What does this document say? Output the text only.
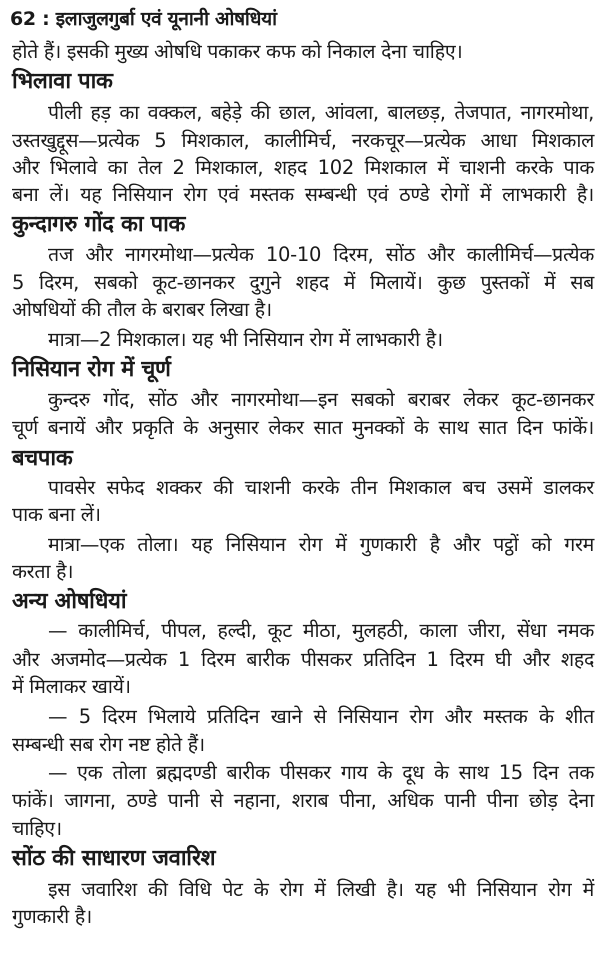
62 : इलाजुलगुर्बा एवं यूनानी ओषधियां
होते हैं। इसकी मुख्य ओषधि पकाकर कफ को निकाल देना चाहिए।
भिलावा पाक
पीली हड़ का वक्कल, बहेड़े की छाल, आंवला, बालछड़, तेजपात, नागरमोथा,
उस्तखुद्दूस—प्रत्येक 5 मिशकाल, कालीमिर्च, नरकचूर—प्रत्येक आधा मिशकाल
और भिलावे का तेल 2 मिशकाल, शहद 102 मिशकाल में चाशनी करके पाक
बना लें। यह निसियान रोग एवं मस्तक सम्बन्धी एवं ठण्डे रोगों में लाभकारी है।
कुन्दागरु गोंद का पाक
तज और नागरमोथा—प्रत्येक 10-10 दिरम, सोंठ और कालीमिर्च—प्रत्येक
5 दिरम, सबको कूट-छानकर दुगुने शहद में मिलायें। कुछ पुस्तकों में सब
ओषधियों की तौल के बराबर लिखा है।
मात्रा—2 मिशकाल। यह भी निसियान रोग में लाभकारी है।
निसियान रोग में चूर्ण
कुन्दरु गोंद, सोंठ और नागरमोथा—इन सबको बराबर लेकर कूट-छानकर
चूर्ण बनायें और प्रकृति के अनुसार लेकर सात मुनक्कों के साथ सात दिन फांकें।
बचपाक
पावसेर सफेद शक्कर की चाशनी करके तीन मिशकाल बच उसमें डालकर
पाक बना लें।
मात्रा—एक तोला। यह निसियान रोग में गुणकारी है और पट्ठों को गरम
करता है।
अन्य ओषधियां
— कालीमिर्च, पीपल, हल्दी, कूट मीठा, मुलहठी, काला जीरा, सेंधा नमक
और अजमोद—प्रत्येक 1 दिरम बारीक पीसकर प्रतिदिन 1 दिरम घी और शहद
में मिलाकर खायें।
— 5 दिरम भिलाये प्रतिदिन खाने से निसियान रोग और मस्तक के शीत
सम्बन्धी सब रोग नष्ट होते हैं।
— एक तोला ब्रह्मदण्डी बारीक पीसकर गाय के दूध के साथ 15 दिन तक
फांकें। जागना, ठण्डे पानी से नहाना, शराब पीना, अधिक पानी पीना छोड़ देना
चाहिए।
सोंठ की साधारण जवारिश
इस जवारिश की विधि पेट के रोग में लिखी है। यह भी निसियान रोग में
गुणकारी है।
